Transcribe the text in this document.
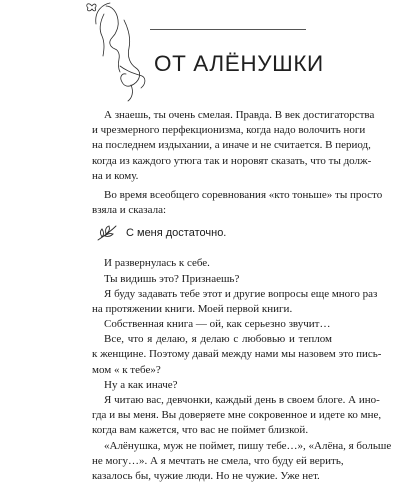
ОТ АЛЁНУШКИ
А знаешь, ты очень смелая. Правда. В век достигаторства
и чрезмерного перфекционизма, когда надо волочить ноги
на последнем издыхании, а иначе и не считается. В период,
когда из каждого утюга так и норовят сказать, что ты долж-
на и кому.
Во время всеобщего соревнования «кто тоньше» ты просто
взяла и сказала:
С меня достаточно.
И развернулась к себе.
Ты видишь это? Признаешь?
Я буду задавать тебе этот и другие вопросы еще много раз
на протяжении книги. Моей первой книги.
Собственная книга — ой, как серьезно звучит…
Все, что я делаю, я делаю с любовью и теплом
к женщине. Поэтому давай между нами мы назовем это пись-
мом « к тебе»?
Ну а как иначе?
Я читаю вас, девчонки, каждый день в своем блоге. А ино-
гда и вы меня. Вы доверяете мне сокровенное и идете ко мне,
когда вам кажется, что вас не поймет близкой.
«Алёнушка, муж не поймет, пишу тебе…», «Алёна, я больше
не могу…». А я мечтать не смела, что буду ей верить,
казалось бы, чужие люди. Но не чужие. Уже нет.
